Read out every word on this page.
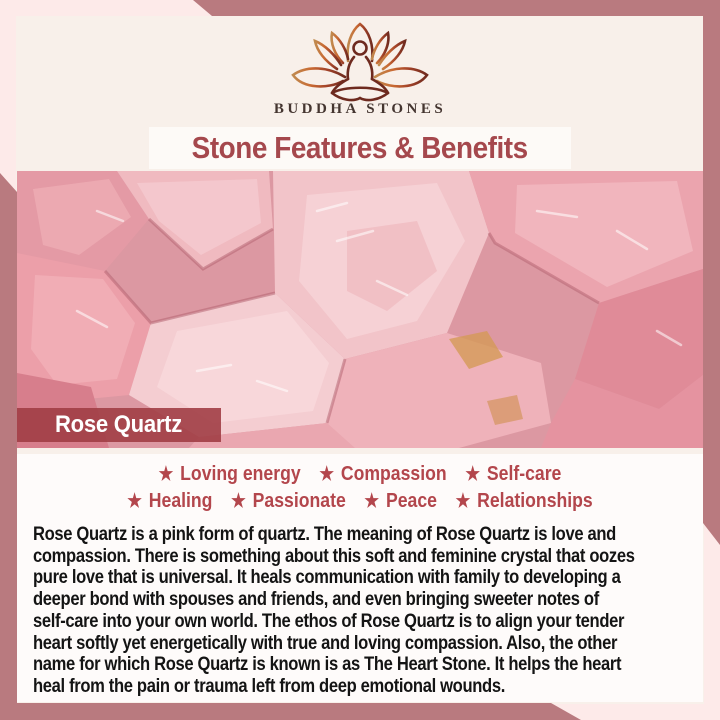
BUDDHA STONES
Stone Features & Benefits
Rose Quartz
★ Loving energy ★ Compassion ★ Self-care
★ Healing ★ Passionate ★ Peace ★ Relationships
Rose Quartz is a pink form of quartz. The meaning of Rose Quartz is love and
compassion. There is something about this soft and feminine crystal that oozes
pure love that is universal. It heals communication with family to developing a
deeper bond with spouses and friends, and even bringing sweeter notes of
self-care into your own world. The ethos of Rose Quartz is to align your tender
heart softly yet energetically with true and loving compassion. Also, the other
name for which Rose Quartz is known is as The Heart Stone. It helps the heart
heal from the pain or trauma left from deep emotional wounds.
